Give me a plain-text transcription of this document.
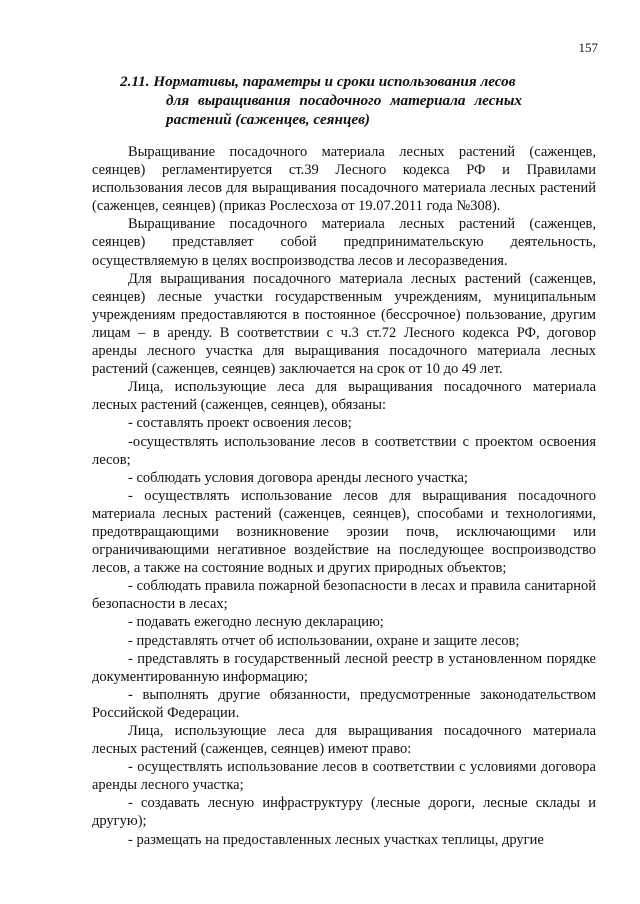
157
2.11. Нормативы, параметры и сроки использования лесов
для выращивания посадочного материала лесных
растений (саженцев, сеянцев)

Выращивание посадочного материала лесных растений (саженцев, сеянцев) регламентируется ст.39 Лесного кодекса РФ и Правилами использования лесов для выращивания посадочного материала лесных растений (саженцев, сеянцев) (приказ Рослесхоза от 19.07.2011 года №308).

Выращивание посадочного материала лесных растений (саженцев, сеянцев) представляет собой предпринимательскую деятельность, осуществляемую в целях воспроизводства лесов и лесоразведения.

Для выращивания посадочного материала лесных растений (саженцев, сеянцев) лесные участки государственным учреждениям, муниципальным учреждениям предоставляются в постоянное (бессрочное) пользование, другим лицам – в аренду. В соответствии с ч.3 ст.72 Лесного кодекса РФ, договор аренды лесного участка для выращивания посадочного материала лесных растений (саженцев, сеянцев) заключается на срок от 10 до 49 лет.

Лица, использующие леса для выращивания посадочного материала лесных растений (саженцев, сеянцев), обязаны:

- составлять проект освоения лесов;

-осуществлять использование лесов в соответствии с проектом освоения лесов;

- соблюдать условия договора аренды лесного участка;

- осуществлять использование лесов для выращивания посадочного материала лесных растений (саженцев, сеянцев), способами и технологиями, предотвращающими возникновение эрозии почв, исключающими или ограничивающими негативное воздействие на последующее воспроизводство лесов, а также на состояние водных и других природных объектов;

- соблюдать правила пожарной безопасности в лесах и правила санитарной безопасности в лесах;

- подавать ежегодно лесную декларацию;

- представлять отчет об использовании, охране и защите лесов;

- представлять в государственный лесной реестр в установленном порядке документированную информацию;

- выполнять другие обязанности, предусмотренные законодательством Российской Федерации.

Лица, использующие леса для выращивания посадочного материала лесных растений (саженцев, сеянцев) имеют право:

- осуществлять использование лесов в соответствии с условиями договора аренды лесного участка;

- создавать лесную инфраструктуру (лесные дороги, лесные склады и другую);

- размещать на предоставленных лесных участках теплицы, другие
